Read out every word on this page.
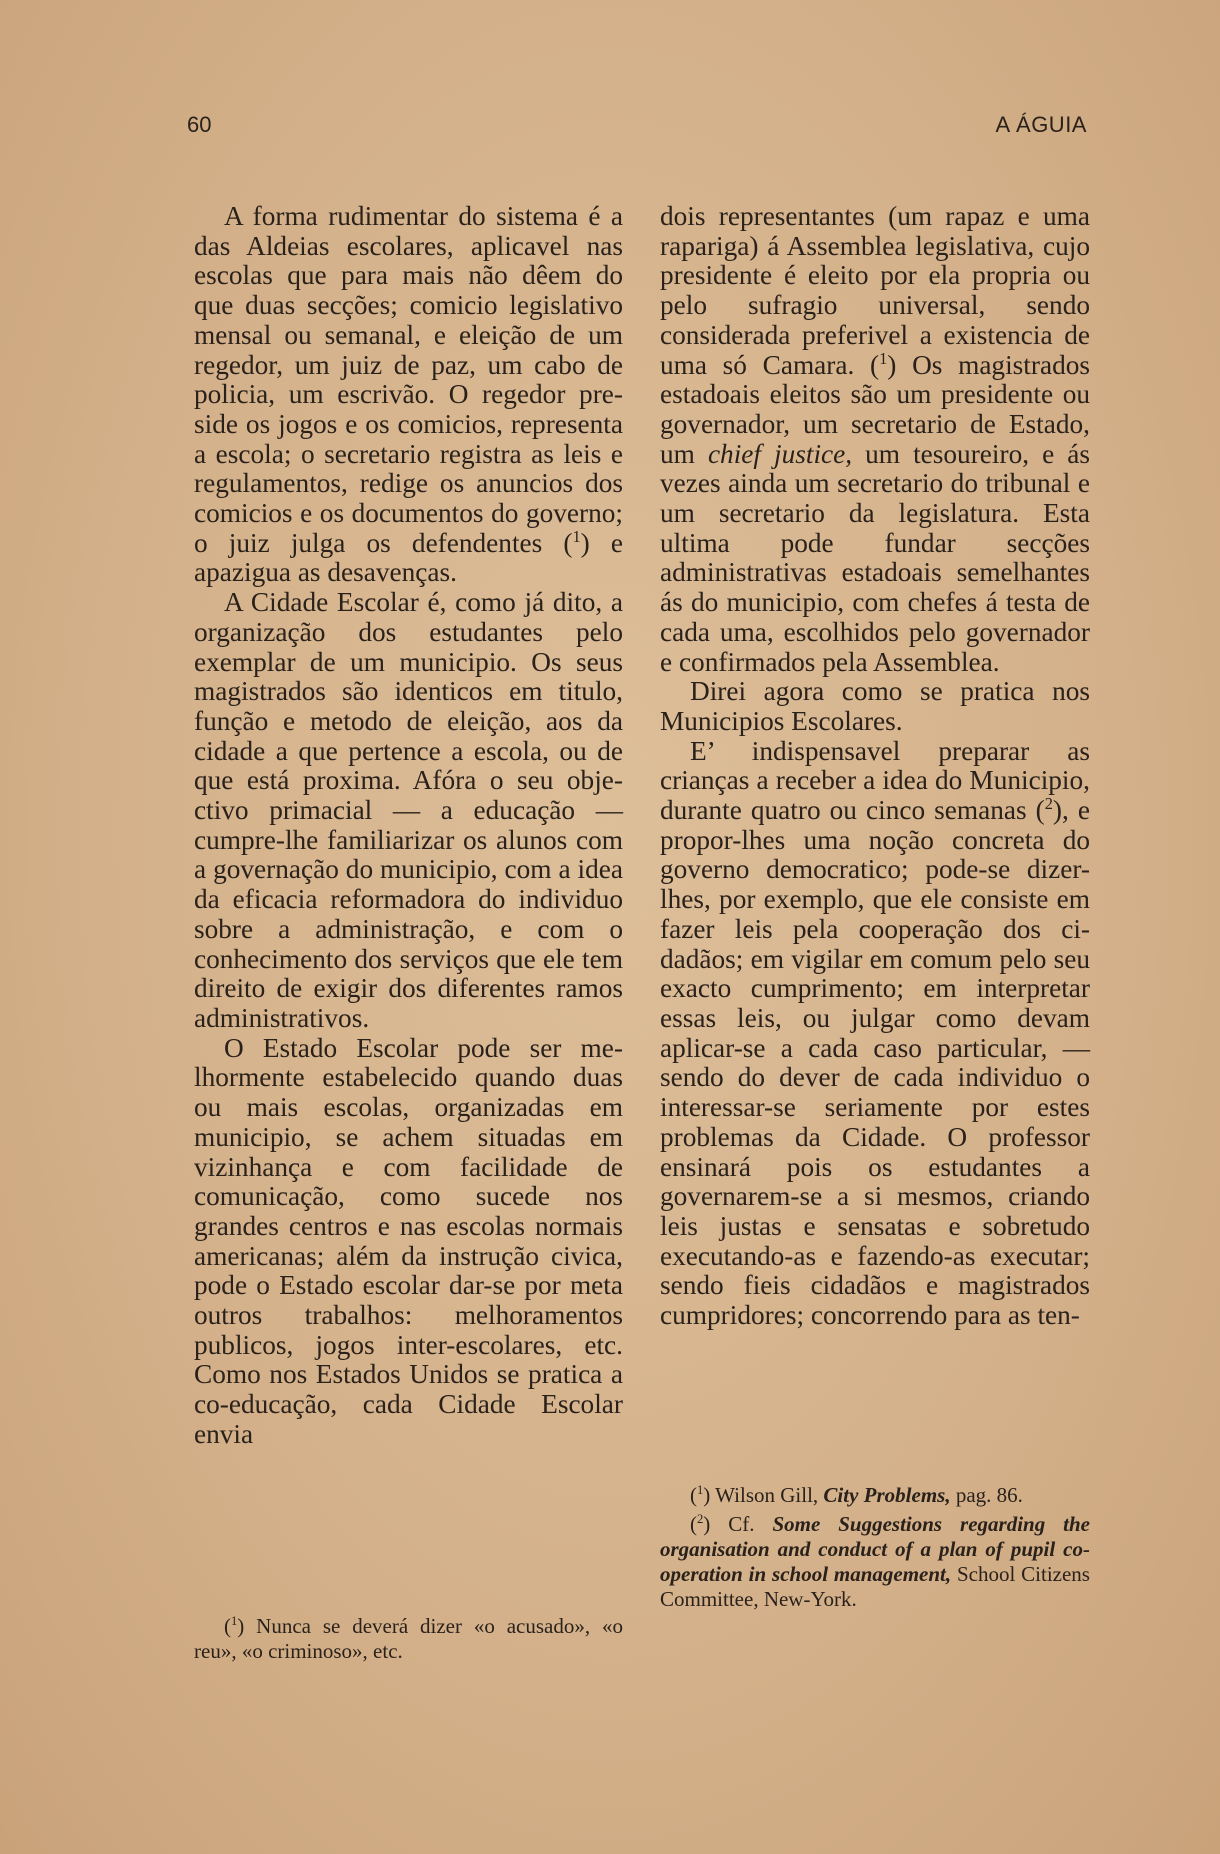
60	A ÁGUIA

A forma rudimentar do sistema é a das Aldeias escolares, aplicavel nas escolas que para mais não dêem do que duas secções; comicio legislativo mensal ou semanal, e eleição de um regedor, um juiz de paz, um cabo de policia, um escrivão. O regedor preside os jogos e os comicios, representa a escola; o secretario registra as leis e regulamentos, redige os anuncios dos comicios e os documentos do governo; o juiz julga os defendentes ($^1$) e apazigua as desavenças.

A Cidade Escolar é, como já dito, a organização dos estudantes pelo exemplar de um municipio. Os seus magistrados são identicos em titulo, função e metodo de eleição, aos da cidade a que pertence a escola, ou de que está proxima. Afóra o seu objectivo primacial — a educação — cumpre-lhe familiarizar os alunos com a governação do municipio, com a idea da eficacia reformadora do individuo sobre a administração, e com o conhecimento dos serviços que ele tem direito de exigir dos diferentes ramos administrativos.

O Estado Escolar pode ser melhormente estabelecido quando duas ou mais escolas, organizadas em municipio, se achem situadas em vizinhança e com facilidade de comunicação, como sucede nos grandes centros e nas escolas normais americanas; além da instrução civica, pode o Estado escolar dar-se por meta outros trabalhos: melhoramentos publicos, jogos inter-escolares, etc. Como nos Estados Unidos se pratica a co-educação, cada Cidade Escolar envia

dois representantes (um rapaz e uma rapariga) á Assemblea legislativa, cujo presidente é eleito por ela propria ou pelo sufragio universal, sendo considerada preferivel a existencia de uma só Camara. ($^1$) Os magistrados estadoais eleitos são um presidente ou governador, um secretario de Estado, um chief justice, um tesoureiro, e ás vezes ainda um secretario do tribunal e um secretario da legislatura. Esta ultima pode fundar secções administrativas estadoais semelhantes ás do municipio, com chefes á testa de cada uma, escolhidos pelo governador e confirmados pela Assemblea.

Direi agora como se pratica nos Municipios Escolares.

E’ indispensavel preparar as crianças a receber a idea do Municipio, durante quatro ou cinco semanas ($^2$), e propor-lhes uma noção concreta do governo democratico; pode-se dizer-lhes, por exemplo, que ele consiste em fazer leis pela cooperação dos cidadãos; em vigilar em comum pelo seu exacto cumprimento; em interpretar essas leis, ou julgar como devam aplicar-se a cada caso particular, — sendo do dever de cada individuo o interessar-se seriamente por estes problemas da Cidade. O professor ensinará pois os estudantes a governarem-se a si mesmos, criando leis justas e sensatas e sobretudo executando-as e fazendo-as executar; sendo fieis cidadãos e magistrados cumpridores; concorrendo para as ten-

($^1$) Nunca se deverá dizer «o acusado», «o reu», «o criminoso», etc.

($^1$) Wilson Gill, City Problems, pag. 86.

($^2$) Cf. Some Suggestions regarding the organisation and conduct of a plan of pupil co-operation in school management, School Citizens Committee, New-York.
